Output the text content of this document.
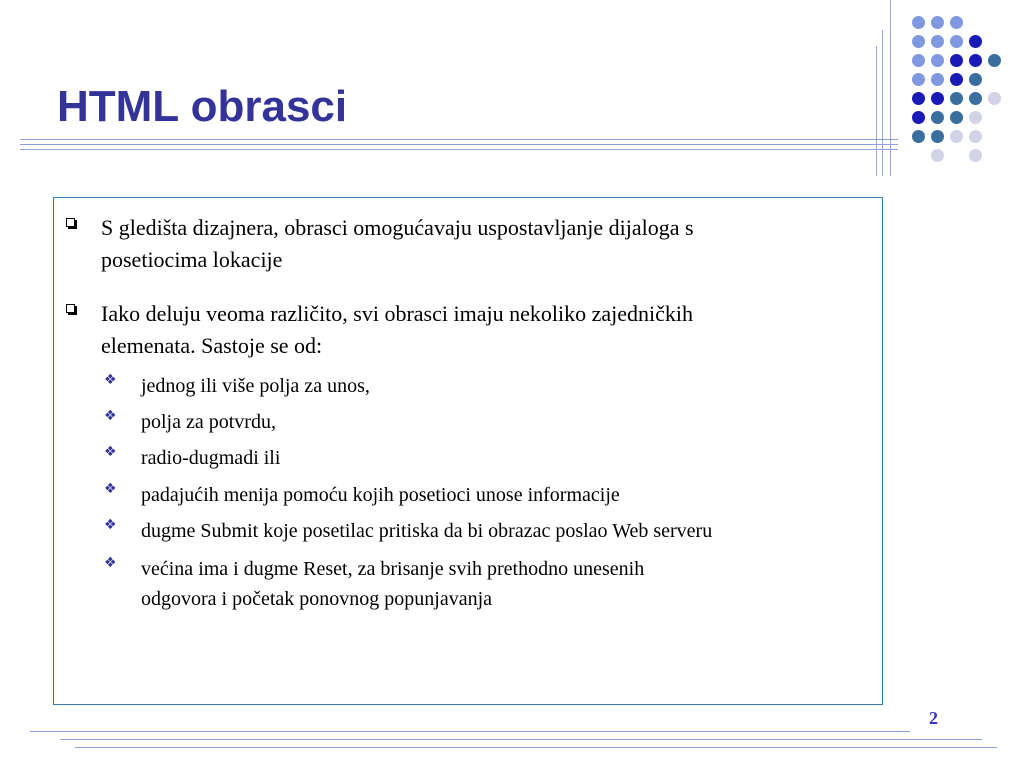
HTML obrasci
S gledišta dizajnera, obrasci omogućavaju uspostavljanje dijaloga s
posetiocima lokacije
Iako deluju veoma različito, svi obrasci imaju nekoliko zajedničkih
elemenata. Sastoje se od:
❖ jednog ili više polja za unos,
❖ polja za potvrdu,
❖ radio-dugmadi ili
❖ padajućih menija pomoću kojih posetioci unose informacije
❖ dugme Submit koje posetilac pritiska da bi obrazac poslao Web serveru
❖ većina ima i dugme Reset, za brisanje svih prethodno unesenih
odgovora i početak ponovnog popunjavanja
2
